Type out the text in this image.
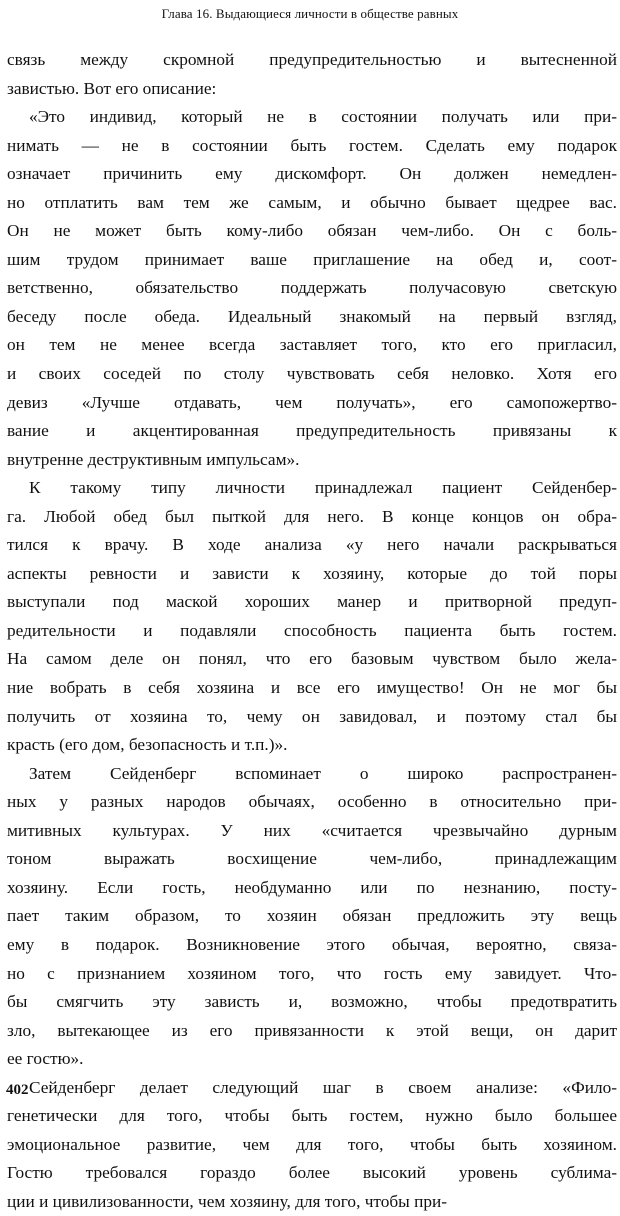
Глава 16. Выдающиеся личности в обществе равных

связь между скромной предупредительностью и вытесненной
завистью. Вот его описание:

«Это индивид, который не в состоянии получать или при-
нимать — не в состоянии быть гостем. Сделать ему подарок
означает причинить ему дискомфорт. Он должен немедлен-
но отплатить вам тем же самым, и обычно бывает щедрее вас.
Он не может быть кому-либо обязан чем-либо. Он с боль-
шим трудом принимает ваше приглашение на обед и, соот-
ветственно, обязательство поддержать получасовую светскую
беседу после обеда. Идеальный знакомый на первый взгляд,
он тем не менее всегда заставляет того, кто его пригласил,
и своих соседей по столу чувствовать себя неловко. Хотя его
девиз «Лучше отдавать, чем получать», его самопожертво-
вание и акцентированная предупредительность привязаны к
внутренне деструктивным импульсам».

К такому типу личности принадлежал пациент Сейденбер-
га. Любой обед был пыткой для него. В конце концов он обра-
тился к врачу. В ходе анализа «у него начали раскрываться
аспекты ревности и зависти к хозяину, которые до той поры
выступали под маской хороших манер и притворной предуп-
редительности и подавляли способность пациента быть гостем.
На самом деле он понял, что его базовым чувством было жела-
ние вобрать в себя хозяина и все его имущество! Он не мог бы
получить от хозяина то, чему он завидовал, и поэтому стал бы
красть (его дом, безопасность и т.п.)».

Затем Сейденберг вспоминает о широко распространен-
ных у разных народов обычаях, особенно в относительно при-
митивных культурах. У них «считается чрезвычайно дурным
тоном выражать восхищение чем-либо, принадлежащим
хозяину. Если гость, необдуманно или по незнанию, посту-
пает таким образом, то хозяин обязан предложить эту вещь
ему в подарок. Возникновение этого обычая, вероятно, связа-
но с признанием хозяином того, что гость ему завидует. Что-
бы смягчить эту зависть и, возможно, чтобы предотвратить
зло, вытекающее из его привязанности к этой вещи, он дарит
ее гостю».

Сейденберг делает следующий шаг в своем анализе: «Фило-
генетически для того, чтобы быть гостем, нужно было большее
эмоциональное развитие, чем для того, чтобы быть хозяином.
Гостю требовался гораздо более высокий уровень сублима-
ции и цивилизованности, чем хозяину, для того, чтобы при-

402
